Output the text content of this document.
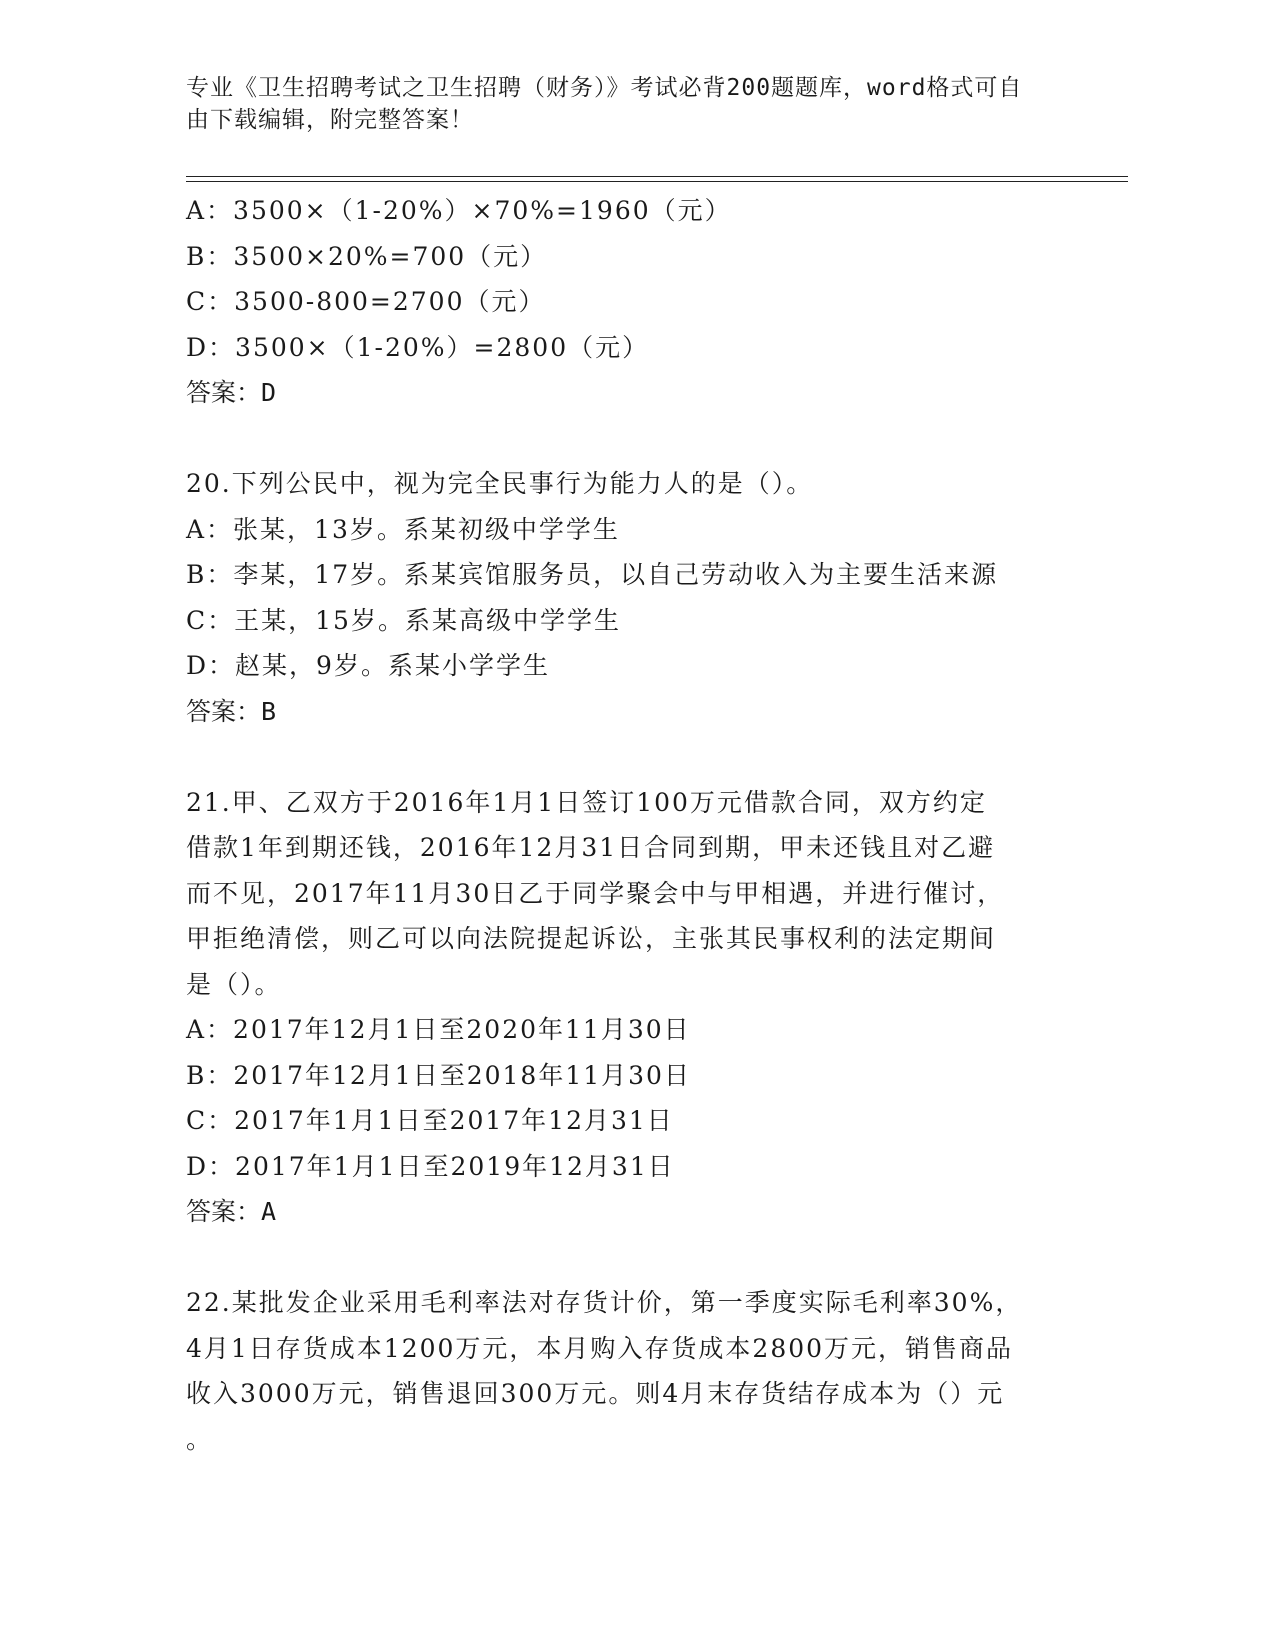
专业《卫生招聘考试之卫生招聘（财务）》考试必背200题题库，word格式可自
由下载编辑，附完整答案！
A：3500×（1-20%）×70%=1960（元）
B：3500×20%=700（元）
C：3500-800=2700（元）
D：3500×（1-20%）=2800（元）
答案：D
20.下列公民中，视为完全民事行为能力人的是（）。
A：张某，13岁。系某初级中学学生
B：李某，17岁。系某宾馆服务员，以自己劳动收入为主要生活来源
C：王某，15岁。系某高级中学学生
D：赵某，9岁。系某小学学生
答案：B
21.甲、乙双方于2016年1月1日签订100万元借款合同，双方约定
借款1年到期还钱，2016年12月31日合同到期，甲未还钱且对乙避
而不见，2017年11月30日乙于同学聚会中与甲相遇，并进行催讨，
甲拒绝清偿，则乙可以向法院提起诉讼，主张其民事权利的法定期间
是（）。
A：2017年12月1日至2020年11月30日
B：2017年12月1日至2018年11月30日
C：2017年1月1日至2017年12月31日
D：2017年1月1日至2019年12月31日
答案：A
22.某批发企业采用毛利率法对存货计价，第一季度实际毛利率30%，
4月1日存货成本1200万元，本月购入存货成本2800万元，销售商品
收入3000万元，销售退回300万元。则4月末存货结存成本为（）元
。
